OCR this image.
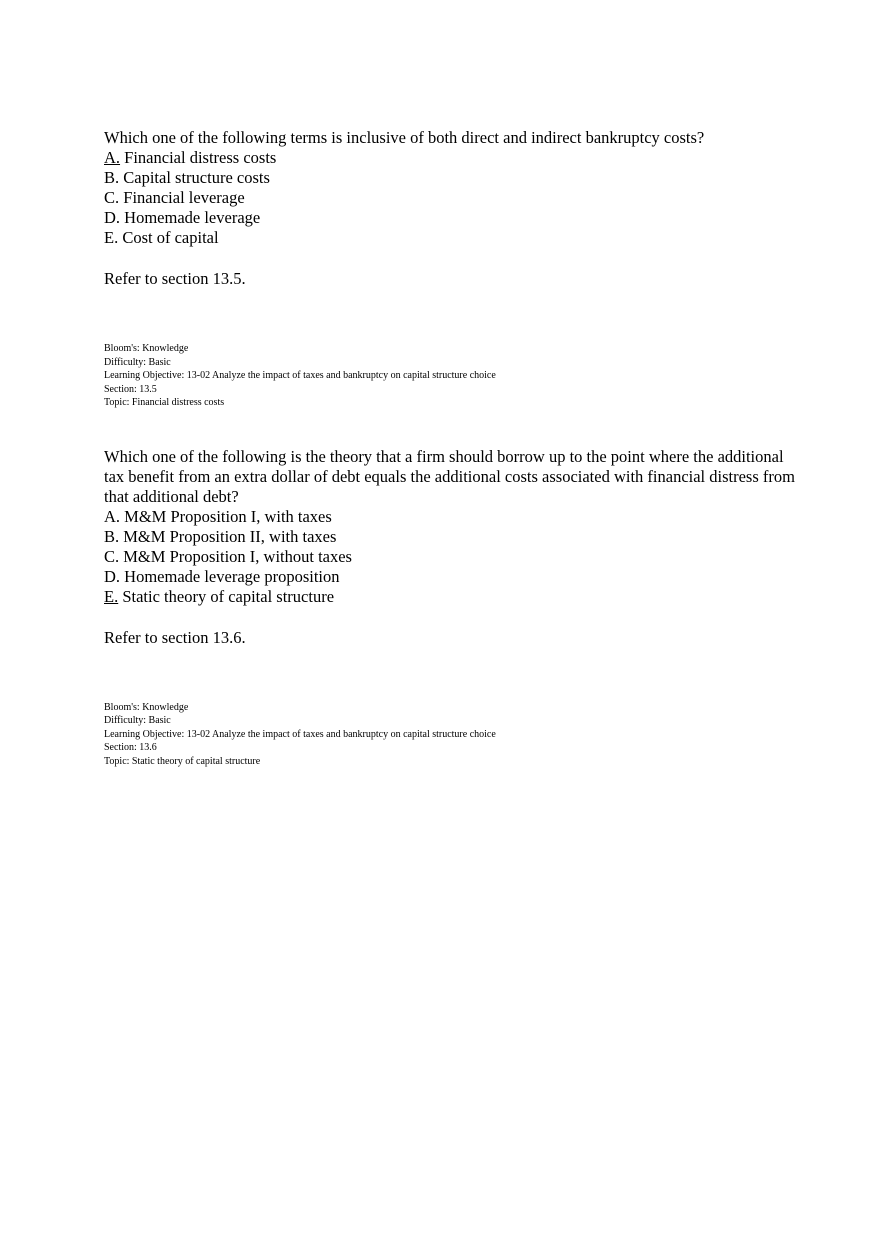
Which one of the following terms is inclusive of both direct and indirect bankruptcy costs?

A. Financial distress costs
B. Capital structure costs
C. Financial leverage
D. Homemade leverage
E. Cost of capital

Refer to section 13.5.

Bloom's: Knowledge

Difficulty: Basic

Learning Objective: 13-02 Analyze the impact of taxes and bankruptcy on capital structure choice

Section: 13.5

Topic: Financial distress costs

Which one of the following is the theory that a firm should borrow up to the point where the additional tax benefit from an extra dollar of debt equals the additional costs associated with financial distress from that additional debt?

A. M&M Proposition I, with taxes
B. M&M Proposition II, with taxes
C. M&M Proposition I, without taxes
D. Homemade leverage proposition
E. Static theory of capital structure

Refer to section 13.6.

Bloom's: Knowledge

Difficulty: Basic

Learning Objective: 13-02 Analyze the impact of taxes and bankruptcy on capital structure choice

Section: 13.6

Topic: Static theory of capital structure
